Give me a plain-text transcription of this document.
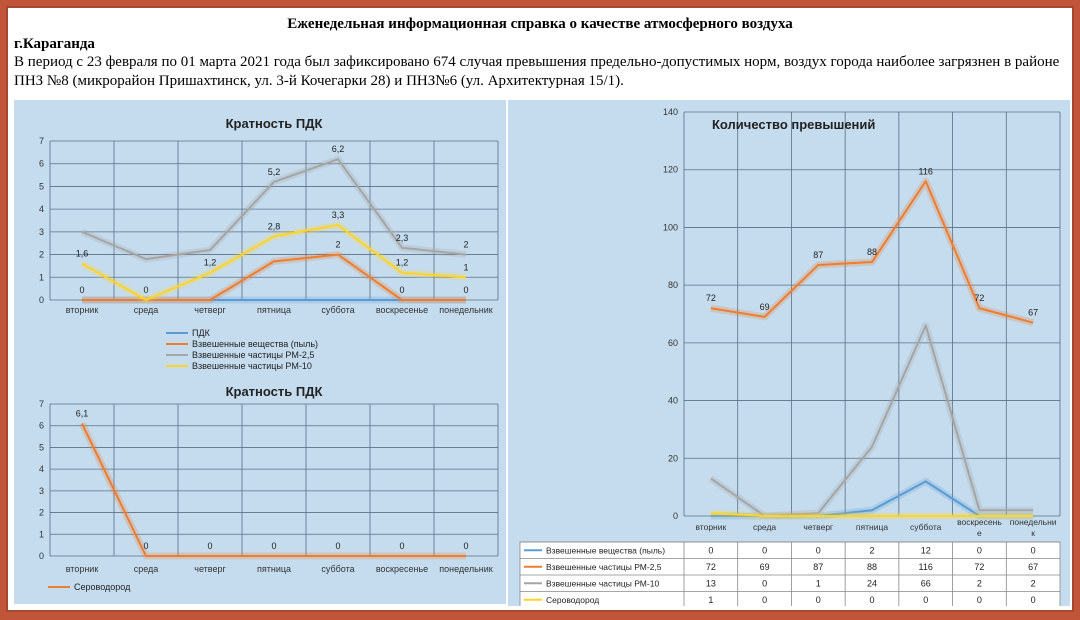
Еженедельная информационная справка о качестве атмосферного воздуха
г.Караганда
В период с 23 февраля по 01 марта 2021 года был зафиксировано 674 случая превышения предельно-допустимых норм, воздух города наиболее загрязнен в районе ПНЗ №8 (микрорайон Пришахтинск, ул. 3-й Кочегарки 28) и ПНЗ№6 (ул. Архитектурная 15/1).
0
1
2
3
4
5
6
7
Кратность ПДК
вторник	среда	четверг	пятница	суббота воскресенье понедельник
0
2
0	0
5,2
6,2
2,3
2
1,6
0
1,2
2,8
3,3
1,2	1
ПДК
Взвешенные вещества (пыль)
Взвешенные частицы РМ-2,5
Взвешенные частицы РМ-10
0
1
2
3
4
5
6
7
Кратность ПДК
вторник	среда	четверг	пятница	суббота воскресенье понедельник
6,1
0	0	0	0	0	0
Сероводород
0
20
40
60
80
100
120
140
Количество превышений
вторник	среда	четверг	пятница	суббота воскресень
е
понедельни
к
72
69
87	88
116
72
67
Взвешенные вещества (пыль)	0	0	0	2	12	0	0
Взвешенные частицы РМ-2,5	72	69	87	88	116	72	67
Взвешенные частицы РМ-10	13	0	1	24	66	2	2
Сероводород	1	0	0	0	0	0	0
